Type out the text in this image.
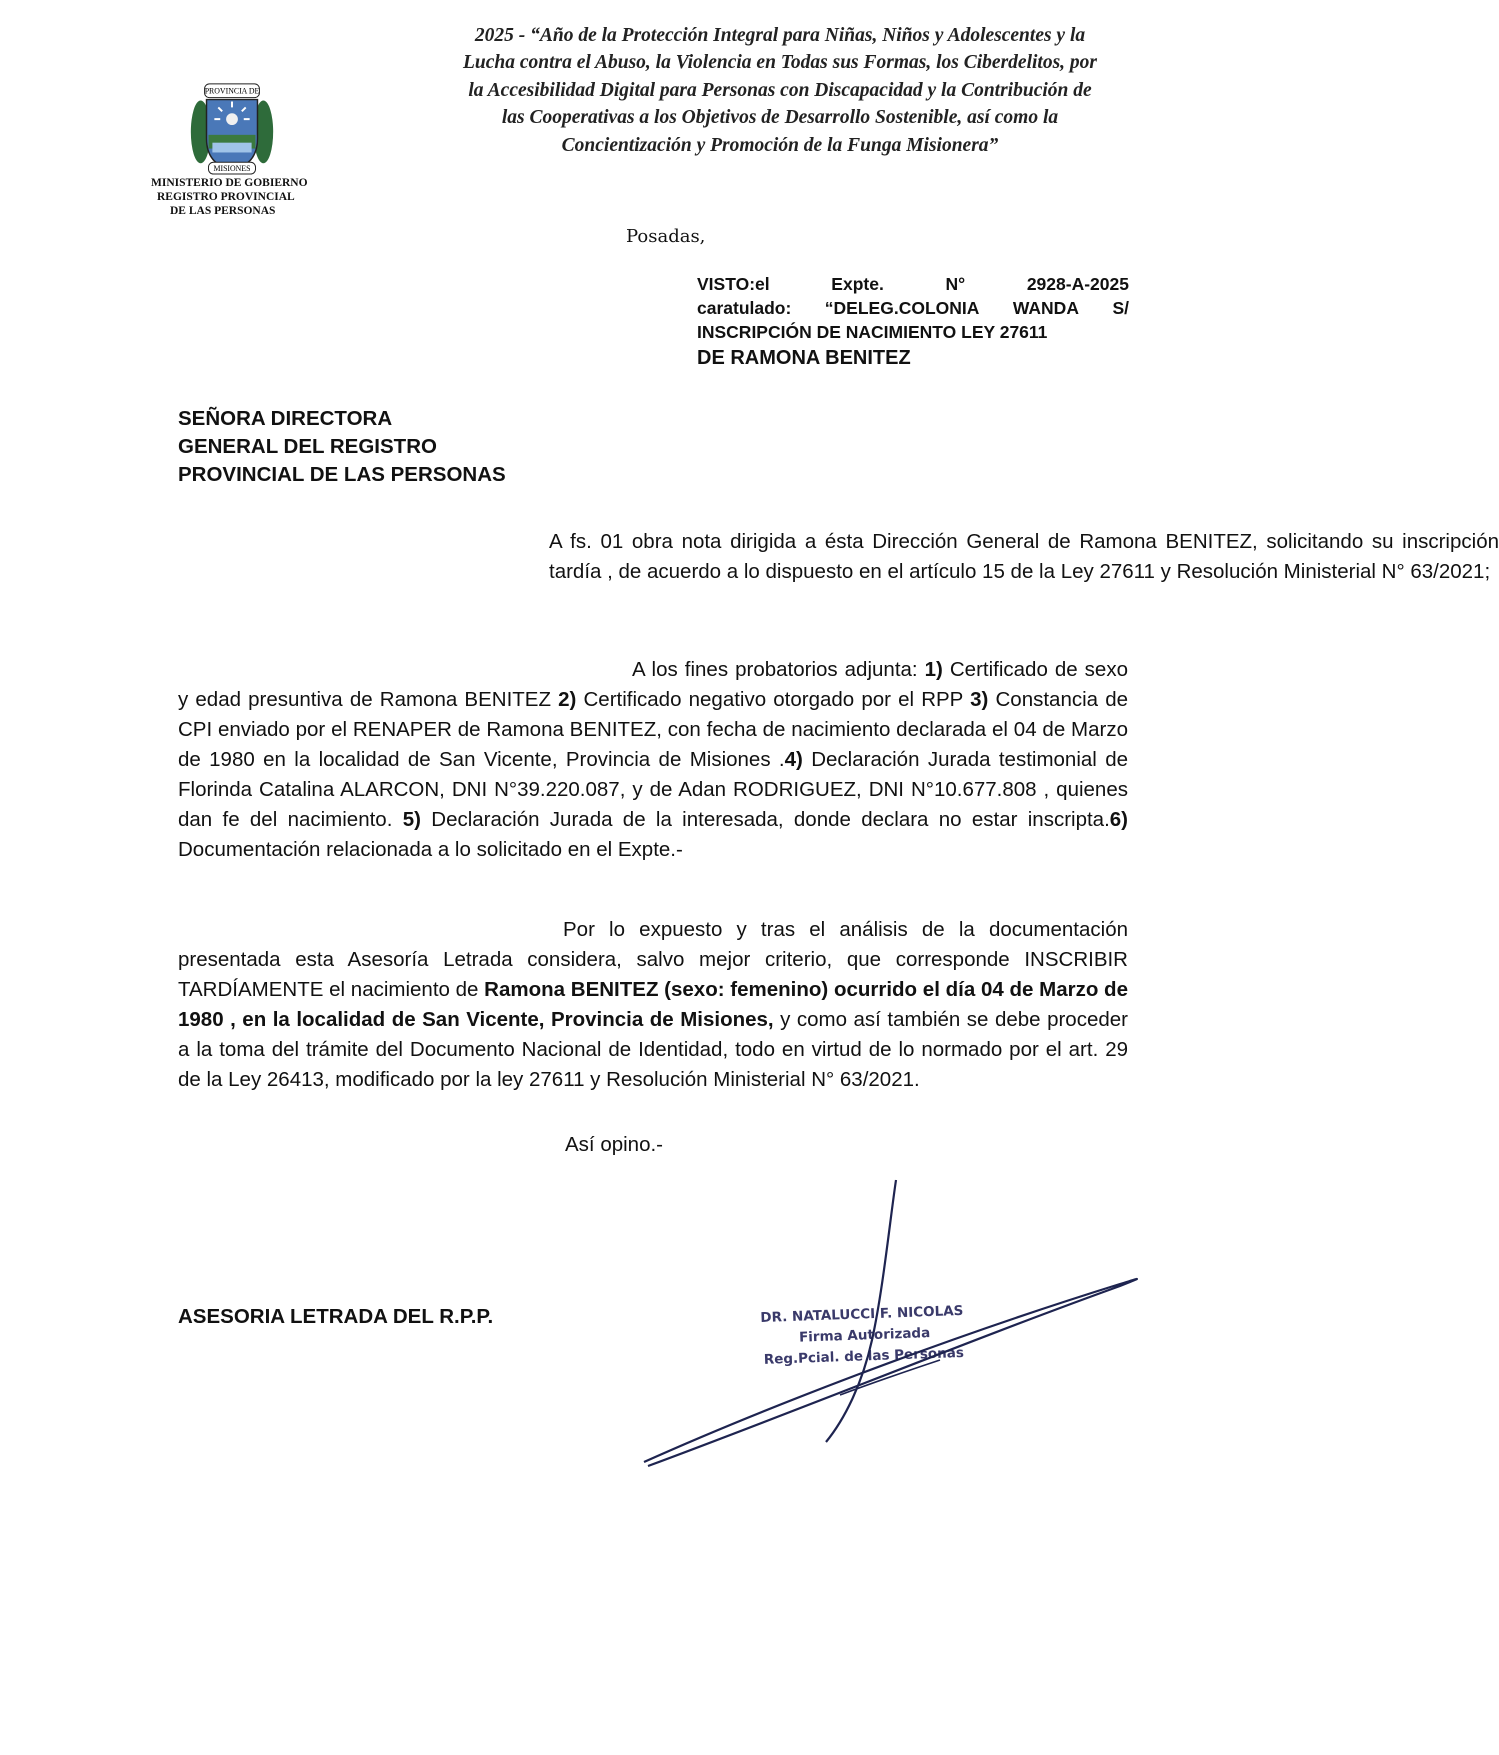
PROVINCIA DE
MISIONES
MINISTERIO DE GOBIERNO
REGISTRO PROVINCIAL
DE LAS PERSONAS
2025 - “Año de la Protección Integral para Niñas, Niños y Adolescentes y la
Lucha contra el Abuso, la Violencia en Todas sus Formas, los Ciberdelitos, por
la Accesibilidad Digital para Personas con Discapacidad y la Contribución de
las Cooperativas a los Objetivos de Desarrollo Sostenible, así como la
Concientización y Promoción de la Funga Misionera”
Posadas,
VISTO:el	Expte.	N°	2928-A-2025
caratulado: “DELEG.COLONIA WANDA S/
INSCRIPCIÓN DE NACIMIENTO LEY 27611
DE RAMONA BENITEZ
SEÑORA DIRECTORA
GENERAL DEL REGISTRO
PROVINCIAL DE LAS PERSONAS
A fs. 01 obra nota dirigida a ésta Dirección General de Ramona BENITEZ, solicitando su inscripción tardía , de acuerdo a lo dispuesto en el artículo 15 de la Ley 27611 y Resolución Ministerial N° 63/2021;
A los fines probatorios adjunta: 1) Certificado de sexo y edad presuntiva de Ramona BENITEZ 2) Certificado negativo otorgado por el RPP 3) Constancia de CPI enviado por el RENAPER de Ramona BENITEZ, con fecha de nacimiento declarada el 04 de Marzo de 1980 en la localidad de San Vicente, Provincia de Misiones .4) Declaración Jurada testimonial de Florinda Catalina ALARCON, DNI N°39.220.087, y de Adan RODRIGUEZ, DNI N°10.677.808 , quienes dan fe del nacimiento. 5) Declaración Jurada de la interesada, donde declara no estar inscripta.6) Documentación relacionada a lo solicitado en el Expte.-
Por lo expuesto y tras el análisis de la documentación presentada esta Asesoría Letrada considera, salvo mejor criterio, que corresponde INSCRIBIR TARDÍAMENTE el nacimiento de Ramona BENITEZ (sexo: femenino) ocurrido el día 04 de Marzo de 1980 , en la localidad de San Vicente, Provincia de Misiones, y como así también se debe proceder a la toma del trámite del Documento Nacional de Identidad, todo en virtud de lo normado por el art. 29 de la Ley 26413, modificado por la ley 27611 y Resolución Ministerial N° 63/2021.
Así opino.-
ASESORIA LETRADA DEL R.P.P.	DR. NATALUCCI F. NICOLAS
Firma Autorizada
Reg.Pcial. de las Personas
